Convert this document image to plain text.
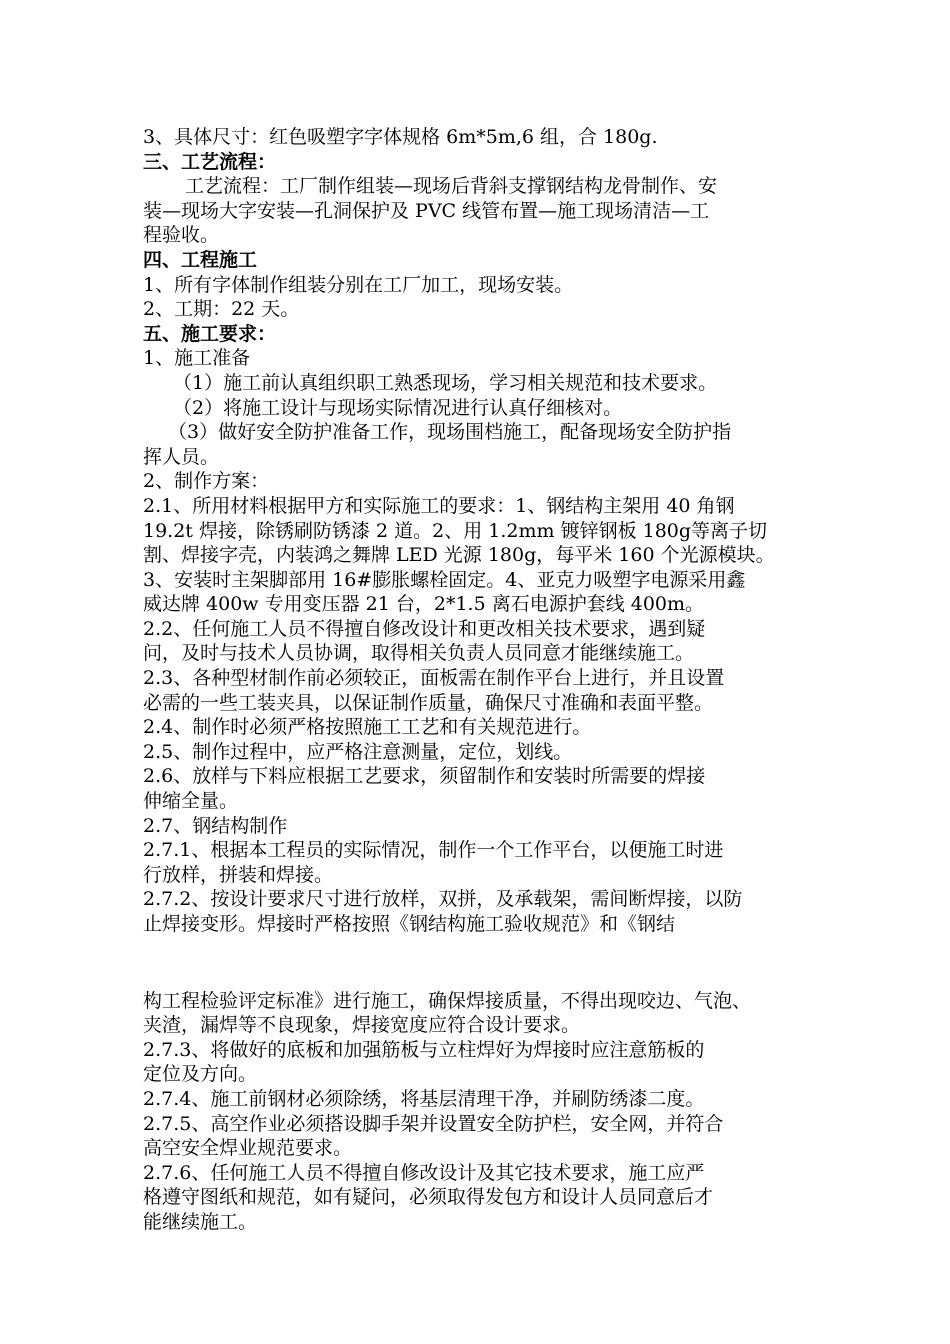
3、具体尺寸：红色吸塑字字体规格 6m*5m,6 组，合 180g.
三、工艺流程：
工艺流程：工厂制作组装—现场后背斜支撑钢结构龙骨制作、安
装—现场大字安装—孔洞保护及 PVC 线管布置—施工现场清洁—工
程验收。
四、工程施工
1、所有字体制作组装分别在工厂加工，现场安装。
2、工期：22 天。
五、施工要求：
1、施工准备
（1）施工前认真组织职工熟悉现场，学习相关规范和技术要求。
（2）将施工设计与现场实际情况进行认真仔细核对。
（3）做好安全防护准备工作，现场围档施工，配备现场安全防护指
挥人员。
2、制作方案：
2.1、所用材料根据甲方和实际施工的要求：1、钢结构主架用 40 角钢
19.2t 焊接，除锈刷防锈漆 2 道。2、用 1.2mm 镀锌钢板 180g等离子切
割、焊接字壳，内装鸿之舞牌 LED 光源 180g，每平米 160 个光源模块。
3、安装时主架脚部用 16#膨胀螺栓固定。4、亚克力吸塑字电源采用鑫
威达牌 400w 专用变压器 21 台，2*1.5 离石电源护套线 400m。
2.2、任何施工人员不得擅自修改设计和更改相关技术要求，遇到疑
问，及时与技术人员协调，取得相关负责人员同意才能继续施工。
2.3、各种型材制作前必须较正，面板需在制作平台上进行，并且设置
必需的一些工装夹具，以保证制作质量，确保尺寸准确和表面平整。
2.4、制作时必须严格按照施工工艺和有关规范进行。
2.5、制作过程中，应严格注意测量，定位，划线。
2.6、放样与下料应根据工艺要求，须留制作和安装时所需要的焊接
伸缩全量。
2.7、钢结构制作
2.7.1、根据本工程员的实际情况，制作一个工作平台，以便施工时进
行放样，拼装和焊接。
2.7.2、按设计要求尺寸进行放样，双拼，及承载架，需间断焊接，以防
止焊接变形。焊接时严格按照《钢结构施工验收规范》和《钢结
构工程检验评定标准》进行施工，确保焊接质量，不得出现咬边、气泡、
夹渣，漏焊等不良现象，焊接宽度应符合设计要求。
2.7.3、将做好的底板和加强筋板与立柱焊好为焊接时应注意筋板的
定位及方向。
2.7.4、施工前钢材必须除绣，将基层清理干净，并刷防绣漆二度。
2.7.5、高空作业必须搭设脚手架并设置安全防护栏，安全网，并符合
高空安全焊业规范要求。
2.7.6、任何施工人员不得擅自修改设计及其它技术要求，施工应严
格遵守图纸和规范，如有疑问，必须取得发包方和设计人员同意后才
能继续施工。
